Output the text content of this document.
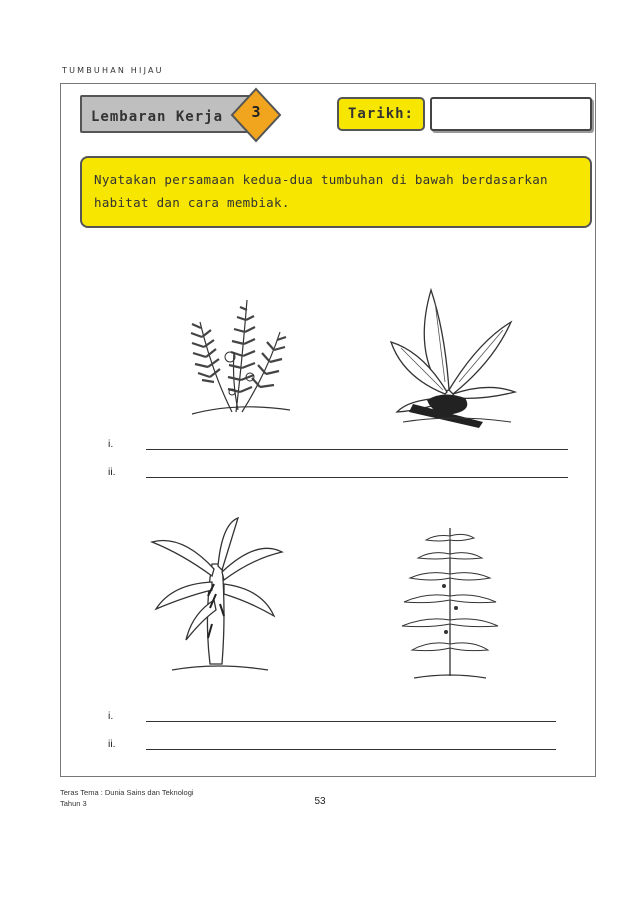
TUMBUHAN HIJAU
Lembaran Kerja	3	Tarikh:
Nyatakan persamaan kedua-dua tumbuhan di bawah berdasarkan
habitat dan cara membiak.
i.
ii.
i.
ii.
Teras Tema : Dunia Sains dan Teknologi
Tahun 3	53
